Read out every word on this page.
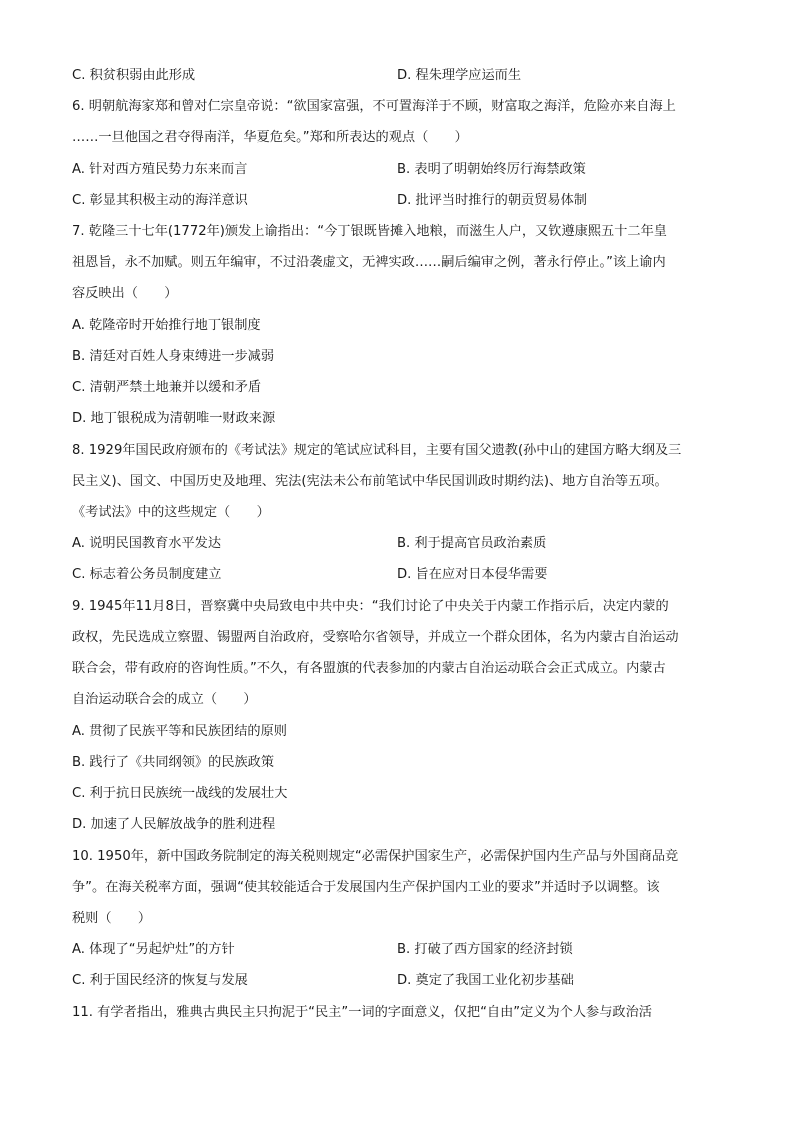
C. 积贫积弱由此形成	D. 程朱理学应运而生
6. 明朝航海家郑和曾对仁宗皇帝说：“欲国家富强，不可置海洋于不顾，财富取之海洋，危险亦来自海上
……一旦他国之君夺得南洋，华夏危矣。”郑和所表达的观点（　　）
A. 针对西方殖民势力东来而言	B. 表明了明朝始终厉行海禁政策
C. 彰显其积极主动的海洋意识	D. 批评当时推行的朝贡贸易体制
7. 乾隆三十七年(1772年)颁发上谕指出：“今丁银既皆摊入地粮，而滋生人户，又钦遵康熙五十二年皇
祖恩旨，永不加赋。则五年编审，不过沿袭虚文，无裨实政……嗣后编审之例，著永行停止。”该上谕内
容反映出（　　）
A. 乾隆帝时开始推行地丁银制度
B. 清廷对百姓人身束缚进一步减弱
C. 清朝严禁土地兼并以缓和矛盾
D. 地丁银税成为清朝唯一财政来源
8. 1929年国民政府颁布的《考试法》规定的笔试应试科目，主要有国父遗教(孙中山的建国方略大纲及三
民主义)、国文、中国历史及地理、宪法(宪法未公布前笔试中华民国训政时期约法)、地方自治等五项。
《考试法》中的这些规定（　　）
A. 说明民国教育水平发达	B. 利于提高官员政治素质
C. 标志着公务员制度建立	D. 旨在应对日本侵华需要
9. 1945年11月8日，晋察冀中央局致电中共中央：“我们讨论了中央关于内蒙工作指示后，决定内蒙的
政权，先民选成立察盟、锡盟两自治政府，受察哈尔省领导，并成立一个群众团体，名为内蒙古自治运动
联合会，带有政府的咨询性质。”不久，有各盟旗的代表参加的内蒙古自治运动联合会正式成立。内蒙古
自治运动联合会的成立（　　）
A. 贯彻了民族平等和民族团结的原则
B. 践行了《共同纲领》的民族政策
C. 利于抗日民族统一战线的发展壮大
D. 加速了人民解放战争的胜利进程
10. 1950年，新中国政务院制定的海关税则规定“必需保护国家生产，必需保护国内生产品与外国商品竞
争”。在海关税率方面，强调“使其较能适合于发展国内生产保护国内工业的要求”并适时予以调整。该
税则（　　）
A. 体现了“另起炉灶”的方针	B. 打破了西方国家的经济封锁
C. 利于国民经济的恢复与发展	D. 奠定了我国工业化初步基础
11. 有学者指出，雅典古典民主只拘泥于“民主”一词的字面意义，仅把“自由”定义为个人参与政治活
